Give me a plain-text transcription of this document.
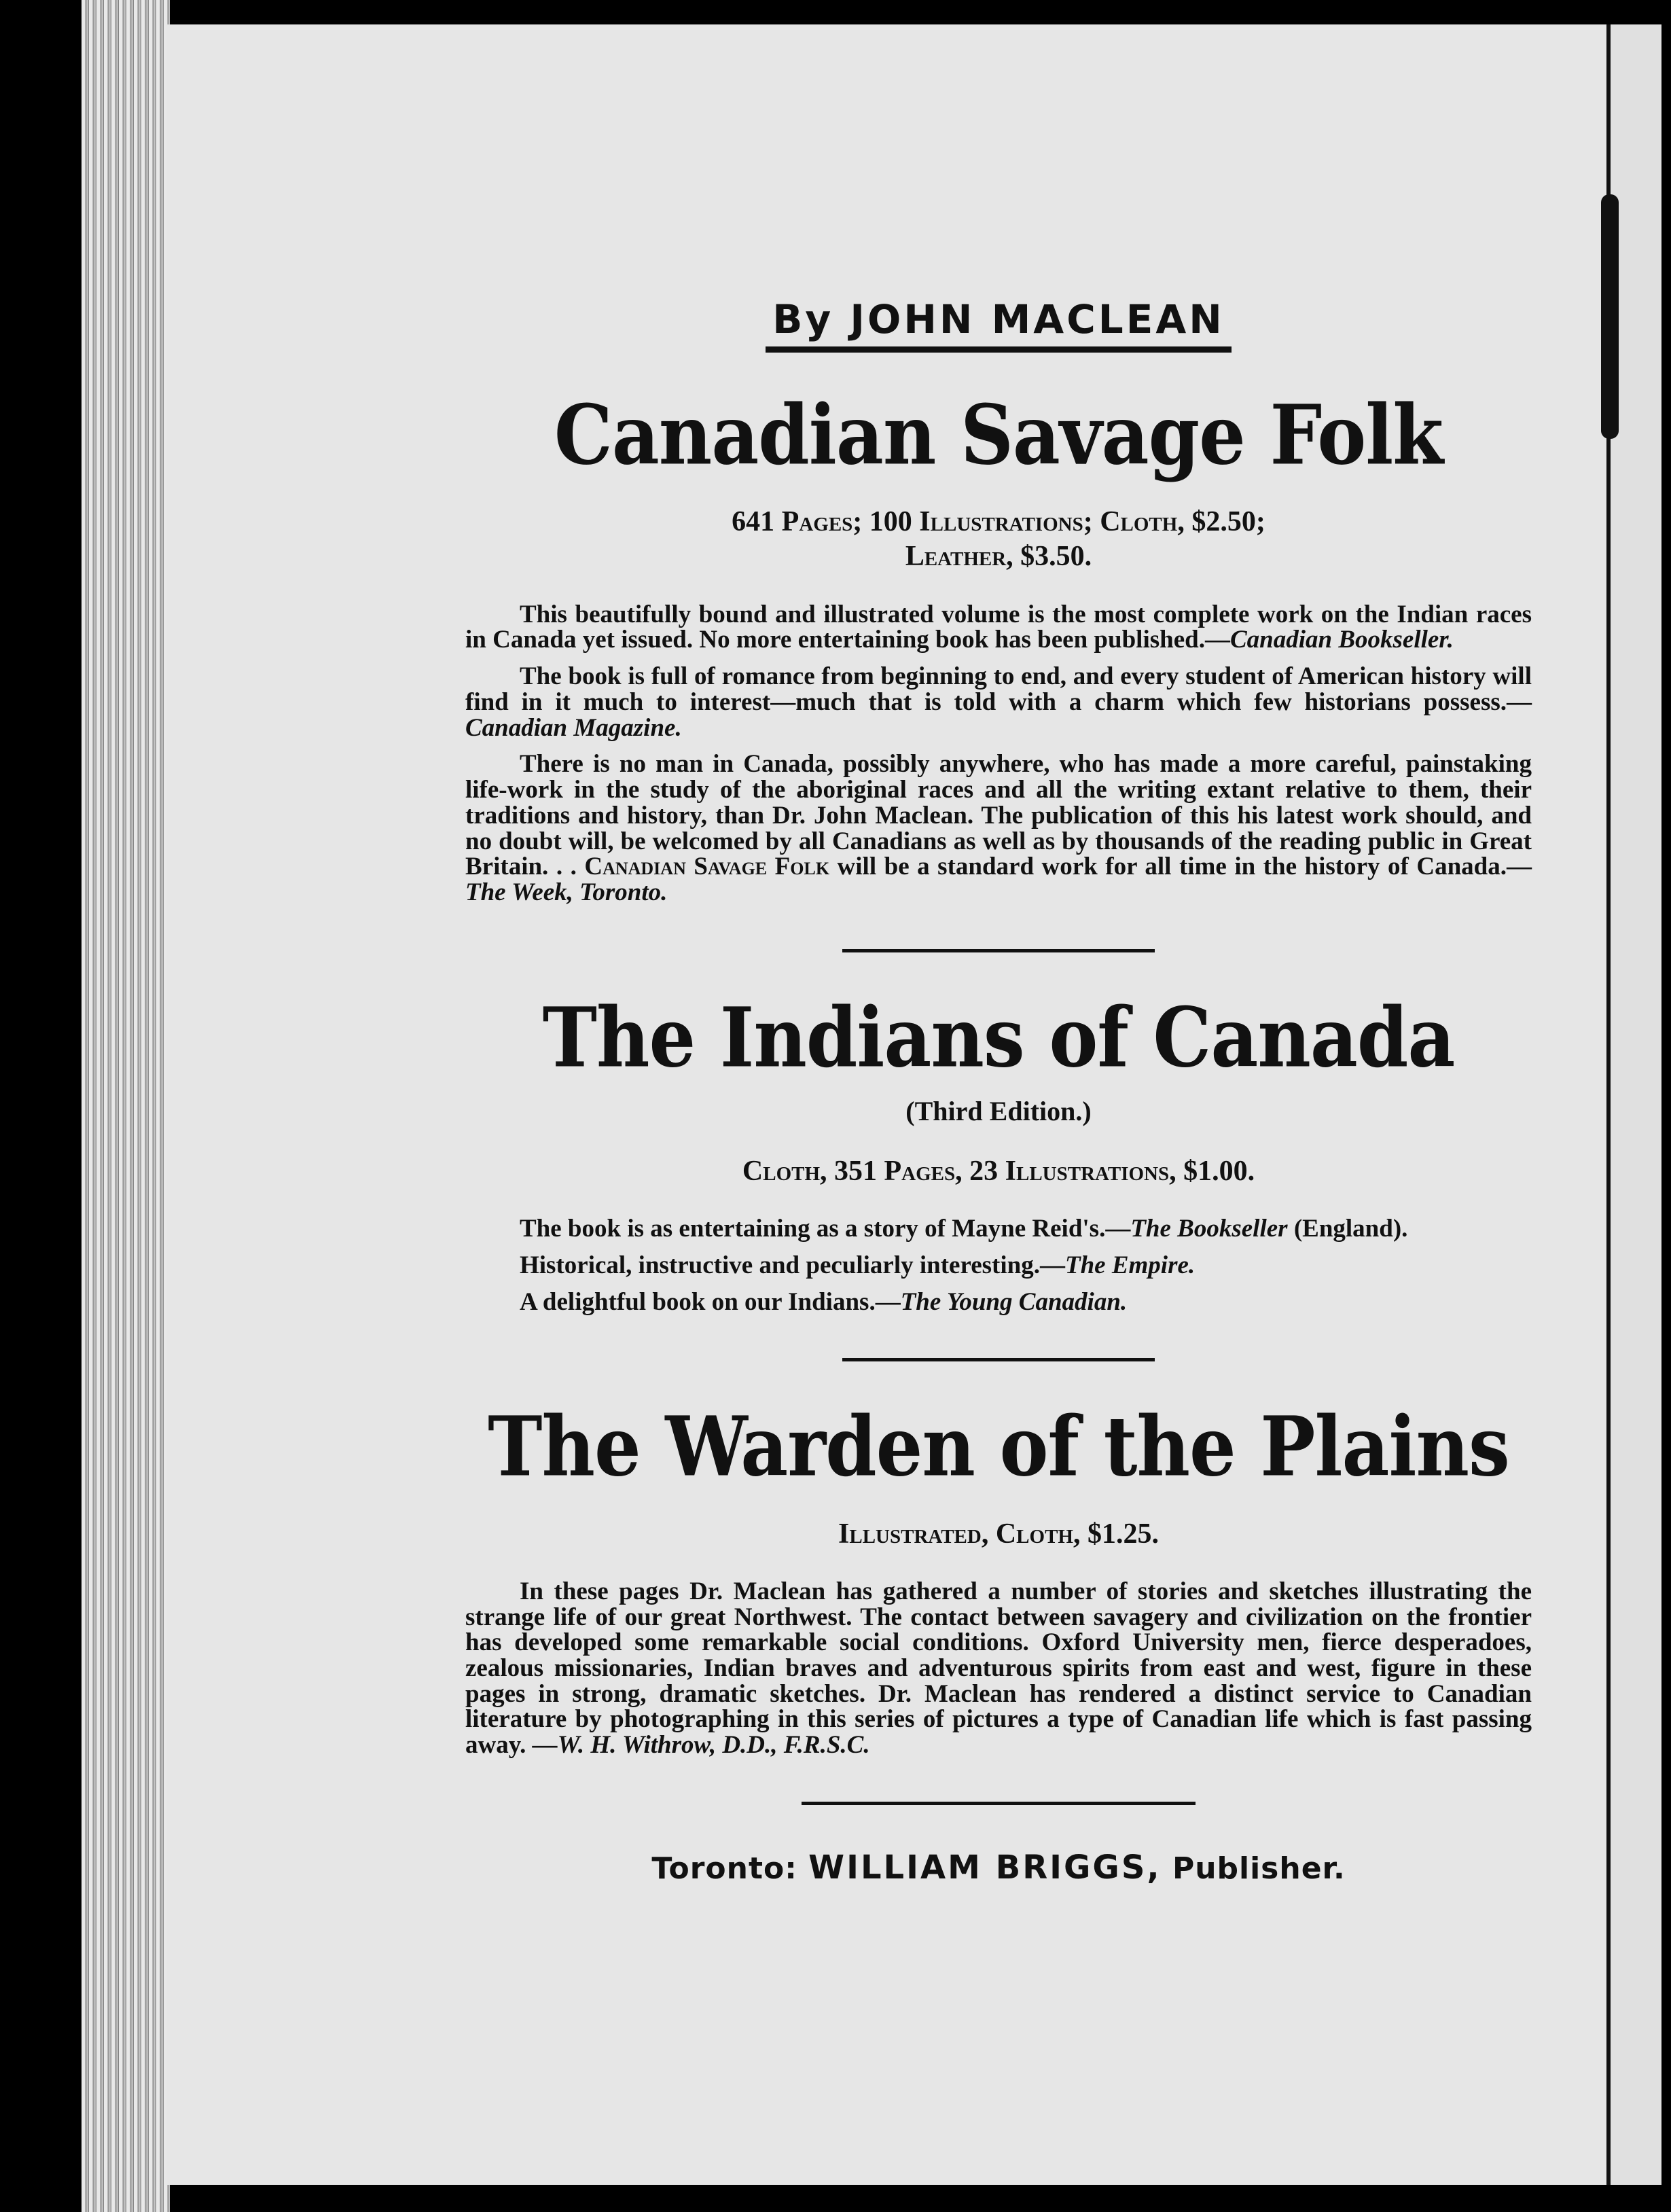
By JOHN MACLEAN
Canadian Savage Folk
641 Pages; 100 Illustrations; Cloth, $2.50;
Leather, $3.50.

This beautifully bound and illustrated volume is the most complete work on the Indian races in Canada yet issued. No more entertaining book has been published.—Canadian Bookseller.

The book is full of romance from beginning to end, and every student of American history will find in it much to interest—much that is told with a charm which few historians possess.—Canadian Magazine.

There is no man in Canada, possibly anywhere, who has made a more careful, painstaking life-work in the study of the aboriginal races and all the writing extant relative to them, their traditions and history, than Dr. John Maclean. The publication of this his latest work should, and no doubt will, be welcomed by all Canadians as well as by thousands of the reading public in Great Britain. . . Canadian Savage Folk will be a standard work for all time in the history of Canada.—The Week, Toronto.

The Indians of Canada
(Third Edition.)
Cloth, 351 Pages, 23 Illustrations, $1.00.

The book is as entertaining as a story of Mayne Reid's.—The Bookseller (England).

Historical, instructive and peculiarly interesting.—The Empire.

A delightful book on our Indians.—The Young Canadian.

The Warden of the Plains
Illustrated, Cloth, $1.25.

In these pages Dr. Maclean has gathered a number of stories and sketches illustrating the strange life of our great Northwest. The contact between savagery and civilization on the frontier has developed some remarkable social conditions. Oxford University men, fierce desperadoes, zealous missionaries, Indian braves and adventurous spirits from east and west, figure in these pages in strong, dramatic sketches. Dr. Maclean has rendered a distinct service to Canadian literature by photographing in this series of pictures a type of Canadian life which is fast passing away. —W. H. Withrow, D.D., F.R.S.C.

Toronto: WILLIAM BRIGGS, Publisher.
